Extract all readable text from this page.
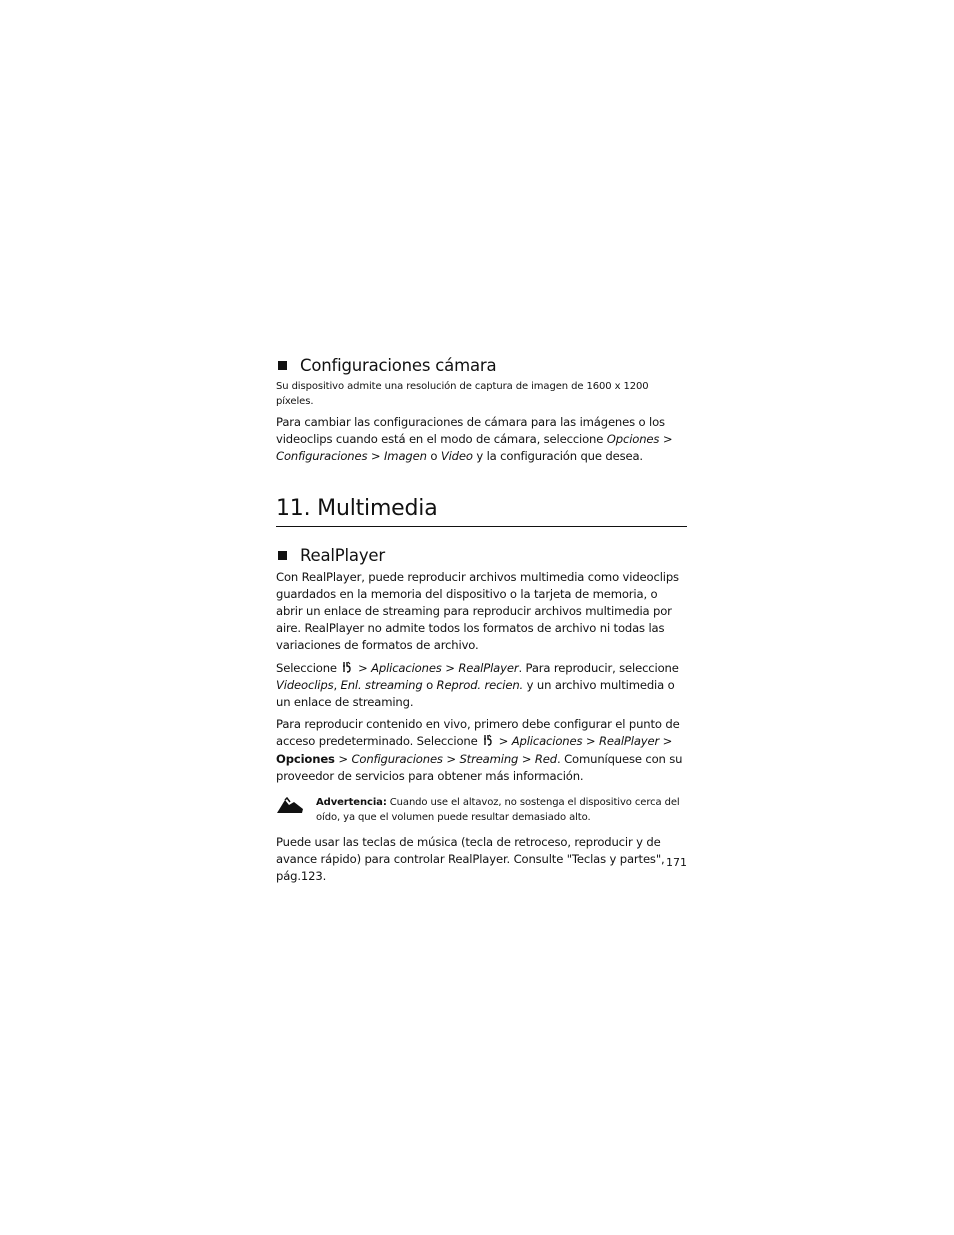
Configuraciones cámara

Su dispositivo admite una resolución de captura de imagen de 1600 x 1200 píxeles.

Para cambiar las configuraciones de cámara para las imágenes o los videoclips cuando está en el modo de cámara, seleccione Opciones > Configuraciones > Imagen o Video y la configuración que desea.

11. Multimedia
RealPlayer

Con RealPlayer, puede reproducir archivos multimedia como videoclips guardados en la memoria del dispositivo o la tarjeta de memoria, o abrir un enlace de streaming para reproducir archivos multimedia por aire. RealPlayer no admite todos los formatos de archivo ni todas las variaciones de formatos de archivo.

Seleccione  > Aplicaciones > RealPlayer. Para reproducir, seleccione Videoclips, Enl. streaming o Reprod. recien. y un archivo multimedia o un enlace de streaming.

Para reproducir contenido en vivo, primero debe configurar el punto de acceso predeterminado. Seleccione  > Aplicaciones > RealPlayer > Opciones > Configuraciones > Streaming > Red. Comuníquese con su proveedor de servicios para obtener más información.

Advertencia: Cuando use el altavoz, no sostenga el dispositivo cerca del oído, ya que el volumen puede resultar demasiado alto.

Puede usar las teclas de música (tecla de retroceso, reproducir y de avance rápido) para controlar RealPlayer. Consulte "Teclas y partes", pág.123.

171
